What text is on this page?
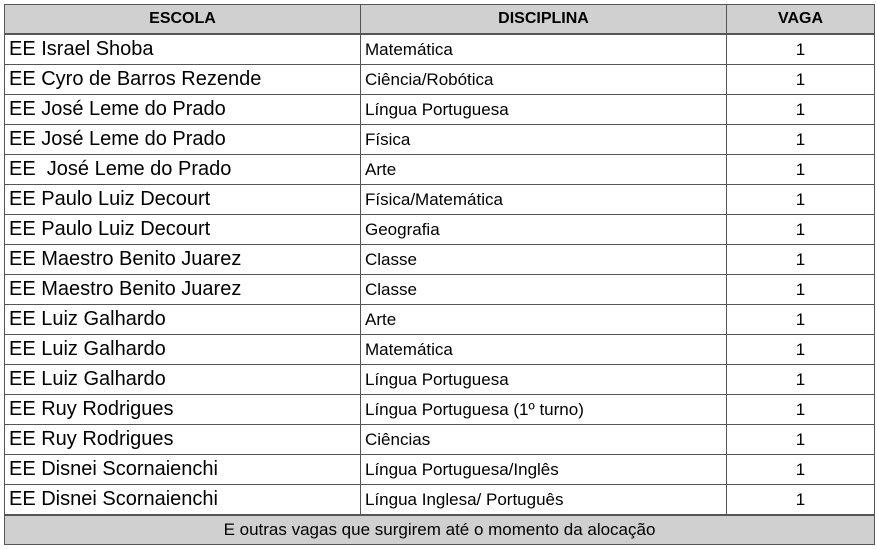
ESCOLA	DISCIPLINA	VAGA
EE Israel Shoba	Matemática	1
EE Cyro de Barros Rezende	Ciência/Robótica	1
EE José Leme do Prado	Língua Portuguesa	1
EE José Leme do Prado	Física	1
EE  José Leme do Prado	Arte	1
EE Paulo Luiz Decourt	Física/Matemática	1
EE Paulo Luiz Decourt	Geografia	1
EE Maestro Benito Juarez	Classe	1
EE Maestro Benito Juarez	Classe	1
EE Luiz Galhardo	Arte	1
EE Luiz Galhardo	Matemática	1
EE Luiz Galhardo	Língua Portuguesa	1
EE Ruy Rodrigues	Língua Portuguesa (1º turno)	1
EE Ruy Rodrigues	Ciências	1
EE Disnei Scornaienchi	Língua Portuguesa/Inglês	1
EE Disnei Scornaienchi	Língua Inglesa/ Português	1
E outras vagas que surgirem até o momento da alocação		
